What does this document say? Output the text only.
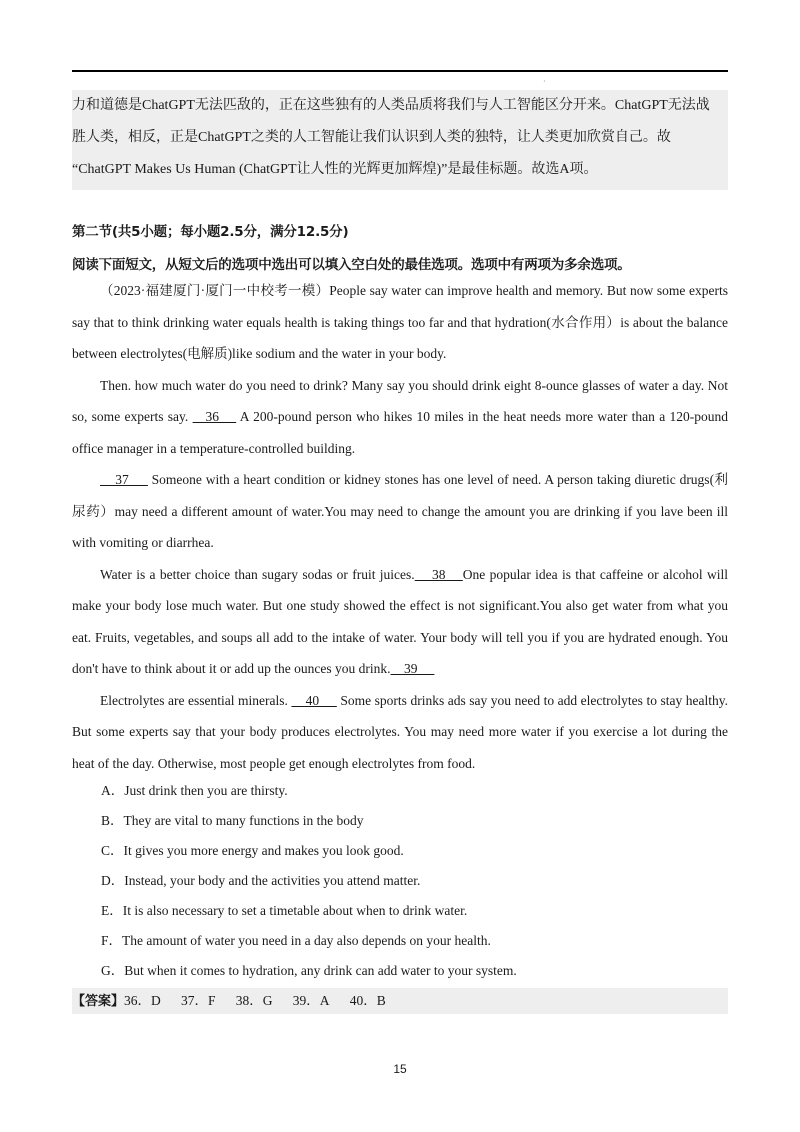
·

力和道德是ChatGPT无法匹敌的，正在这些独有的人类品质将我们与人工智能区分开来。ChatGPT无法战

胜人类，相反，正是ChatGPT之类的人工智能让我们认识到人类的独特，让人类更加欣赏自己。故

“ChatGPT Makes Us Human (ChatGPT让人性的光辉更加辉煌)”是最佳标题。故选A项。

第二节(共5小题；每小题2.5分，满分12.5分)
阅读下面短文，从短文后的选项中选出可以填入空白处的最佳选项。选项中有两项为多余选项。

（2023·福建厦门·厦门一中校考一模）People say water can improve health and memory. But now some experts say that to think drinking water equals health is taking things too far and that hydration(水合作用）is about the balance between electrolytes(电解质)like sodium and the water in your body.

Then. how much water do you need to drink? Many say you should drink eight 8-ounce glasses of water a day. Not so, some experts say.    36     A 200-pound person who hikes 10 miles in the heat needs more water than a 120-pound office manager in a temperature-controlled building.

37      Someone with a heart condition or kidney stones has one level of need. A person taking diuretic drugs(利尿药）may need a different amount of water.You may need to change the amount you are drinking if you lave been ill with vomiting or diarrhea.

Water is a better choice than sugary sodas or fruit juices.    38    One popular idea is that caffeine or alcohol will make your body lose much water. But one study showed the effect is not significant.You also get water from what you eat. Fruits, vegetables, and soups all add to the intake of water. Your body will tell you if you are hydrated enough. You don't have to think about it or add up the ounces you drink.    39

Electrolytes are essential minerals.     40      Some sports drinks ads say you need to add electrolytes to stay healthy. But some experts say that your body produces electrolytes. You may need more water if you exercise a lot during the heat of the day. Otherwise, most people get enough electrolytes from food.

A．Just drink then you are thirsty.
B．They are vital to many functions in the body
C．It gives you more energy and makes you look good.
D．Instead, your body and the activities you attend matter.
E．It is also necessary to set a timetable about when to drink water.
F．The amount of water you need in a day also depends on your health.
G．But when it comes to hydration, any drink can add water to your system.
【答案】36．D 37．F 38．G 39．A 40．B
15
